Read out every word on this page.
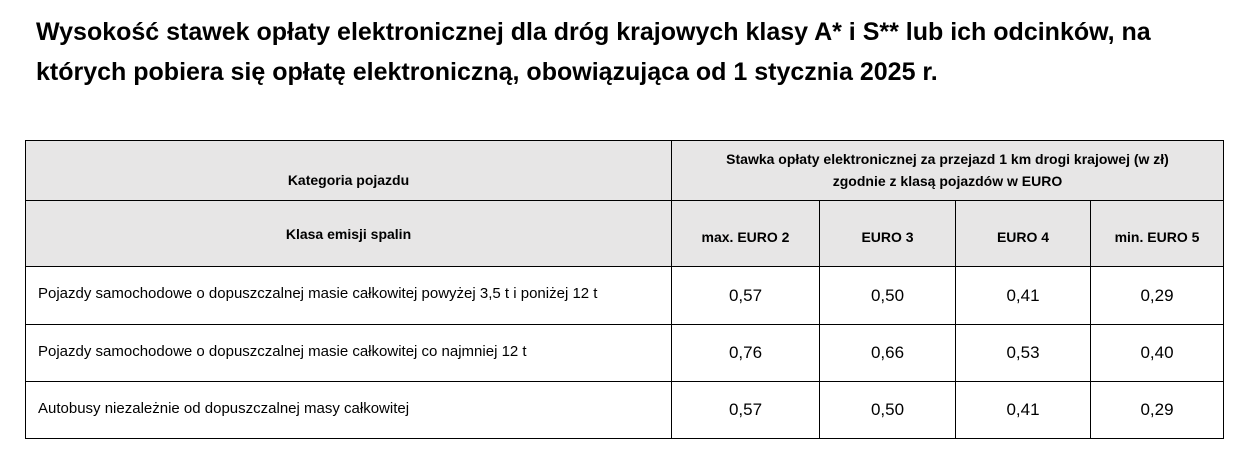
Wysokość stawek opłaty elektronicznej dla dróg krajowych klasy A* i S** lub ich odcinków, na
których pobiera się opłatę elektroniczną, obowiązująca od 1 stycznia 2025 r.
Kategoria pojazdu	Stawka opłaty elektronicznej za przejazd 1 km drogi krajowej (w zł)
zgodnie z klasą pojazdów w EURO			

Klasa emisji spalin	max. EURO 2	EURO 3	EURO 4	min. EURO 5
Pojazdy samochodowe o dopuszczalnej masie całkowitej powyżej 3,5 t i poniżej 12 t	0,57	0,50	0,41	0,29
Pojazdy samochodowe o dopuszczalnej masie całkowitej co najmniej 12 t	0,76	0,66	0,53	0,40
Autobusy niezależnie od dopuszczalnej masy całkowitej	0,57	0,50	0,41	0,29
